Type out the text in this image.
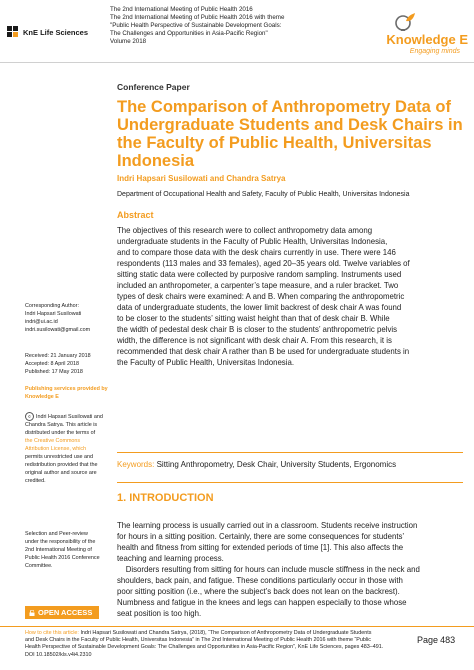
KnE Life Sciences
The 2nd International Meeting of Public Health 2016
The 2nd International Meeting of Public Health 2016 with theme
"Public Health Perspective of Sustainable Development Goals:
The Challenges and Opportunities in Asia-Pacific Region"
Volume 2018	Knowledge E
Engaging minds
Conference Paper
The Comparison of Anthropometry Data of
Undergraduate Students and Desk Chairs in
the Faculty of Public Health, Universitas
Indonesia
Indri Hapsari Susilowati and Chandra Satrya
Department of Occupational Health and Safety, Faculty of Public Health, Universitas Indonesia
Abstract
The objectives of this research were to collect anthropometry data among
undergraduate students in the Faculty of Public Health, Universitas Indonesia,
and to compare those data with the desk chairs currently in use. There were 146
respondents (113 males and 33 females), aged 20–35 years old. Twelve variables of
sitting static data were collected by purposive random sampling. Instruments used
included an anthropometer, a carpenter’s tape measure, and a ruler bracket. Two
types of desk chairs were examined: A and B. When comparing the anthropometric
data of undergraduate students, the lower limit backrest of desk chair A was found
to be closer to the students’ sitting waist height than that of desk chair B. While
the width of pedestal desk chair B is closer to the students’ anthropometric pelvis
width, the difference is not significant with desk chair A. From this research, it is
recommended that desk chair A rather than B be used for undergraduate students in
the Faculty of Public Health, Universitas Indonesia.
Keywords: Sitting Anthropometry, Desk Chair, University Students, Ergonomics
1. INTRODUCTION
The learning process is usually carried out in a classroom. Students receive instruction
for hours in a sitting position. Certainly, there are some consequences for students’
health and fitness from sitting for extended periods of time [1]. This also affects the
teaching and learning process.
Disorders resulting from sitting for hours can include muscle stiffness in the neck and
shoulders, back pain, and fatigue. These conditions particularly occur in those with
poor sitting position (i.e., where the subject’s back does not lean on the backrest).
Numbness and fatigue in the knees and legs can happen especially to those whose
seat position is too high.
Corresponding Author:
Indri Hapsari Susilowati
indri@ui.ac.id
indri.susilowati@gmail.com
Received: 21 January 2018
Accepted: 8 April 2018
Published: 17 May 2018
Publishing services provided by
Knowledge E
© Indri Hapsari Susilowati and
Chandra Satrya. This article is
distributed under the terms of
the Creative Commons
Attribution License, which
permits unrestricted use and
redistribution provided that the
original author and source are
credited.
Selection and Peer-review
under the responsibility of the
2nd International Meeting of
Public Health 2016 Conference
Committee.
OPEN ACCESS
How to cite this article: Indri Hapsari Susilowati and Chandra Satrya, (2018), “The Comparison of Anthropometry Data of Undergraduate Students
and Desk Chairs in the Faculty of Public Health, Universitas Indonesia” in The 2nd International Meeting of Public Health 2016 with theme “Public
Health Perspective of Sustainable Development Goals: The Challenges and Opportunities in Asia-Pacific Region”, KnE Life Sciences, pages 483–491.
DOI 10.18502/kls.v4i4.2310
Page 483
